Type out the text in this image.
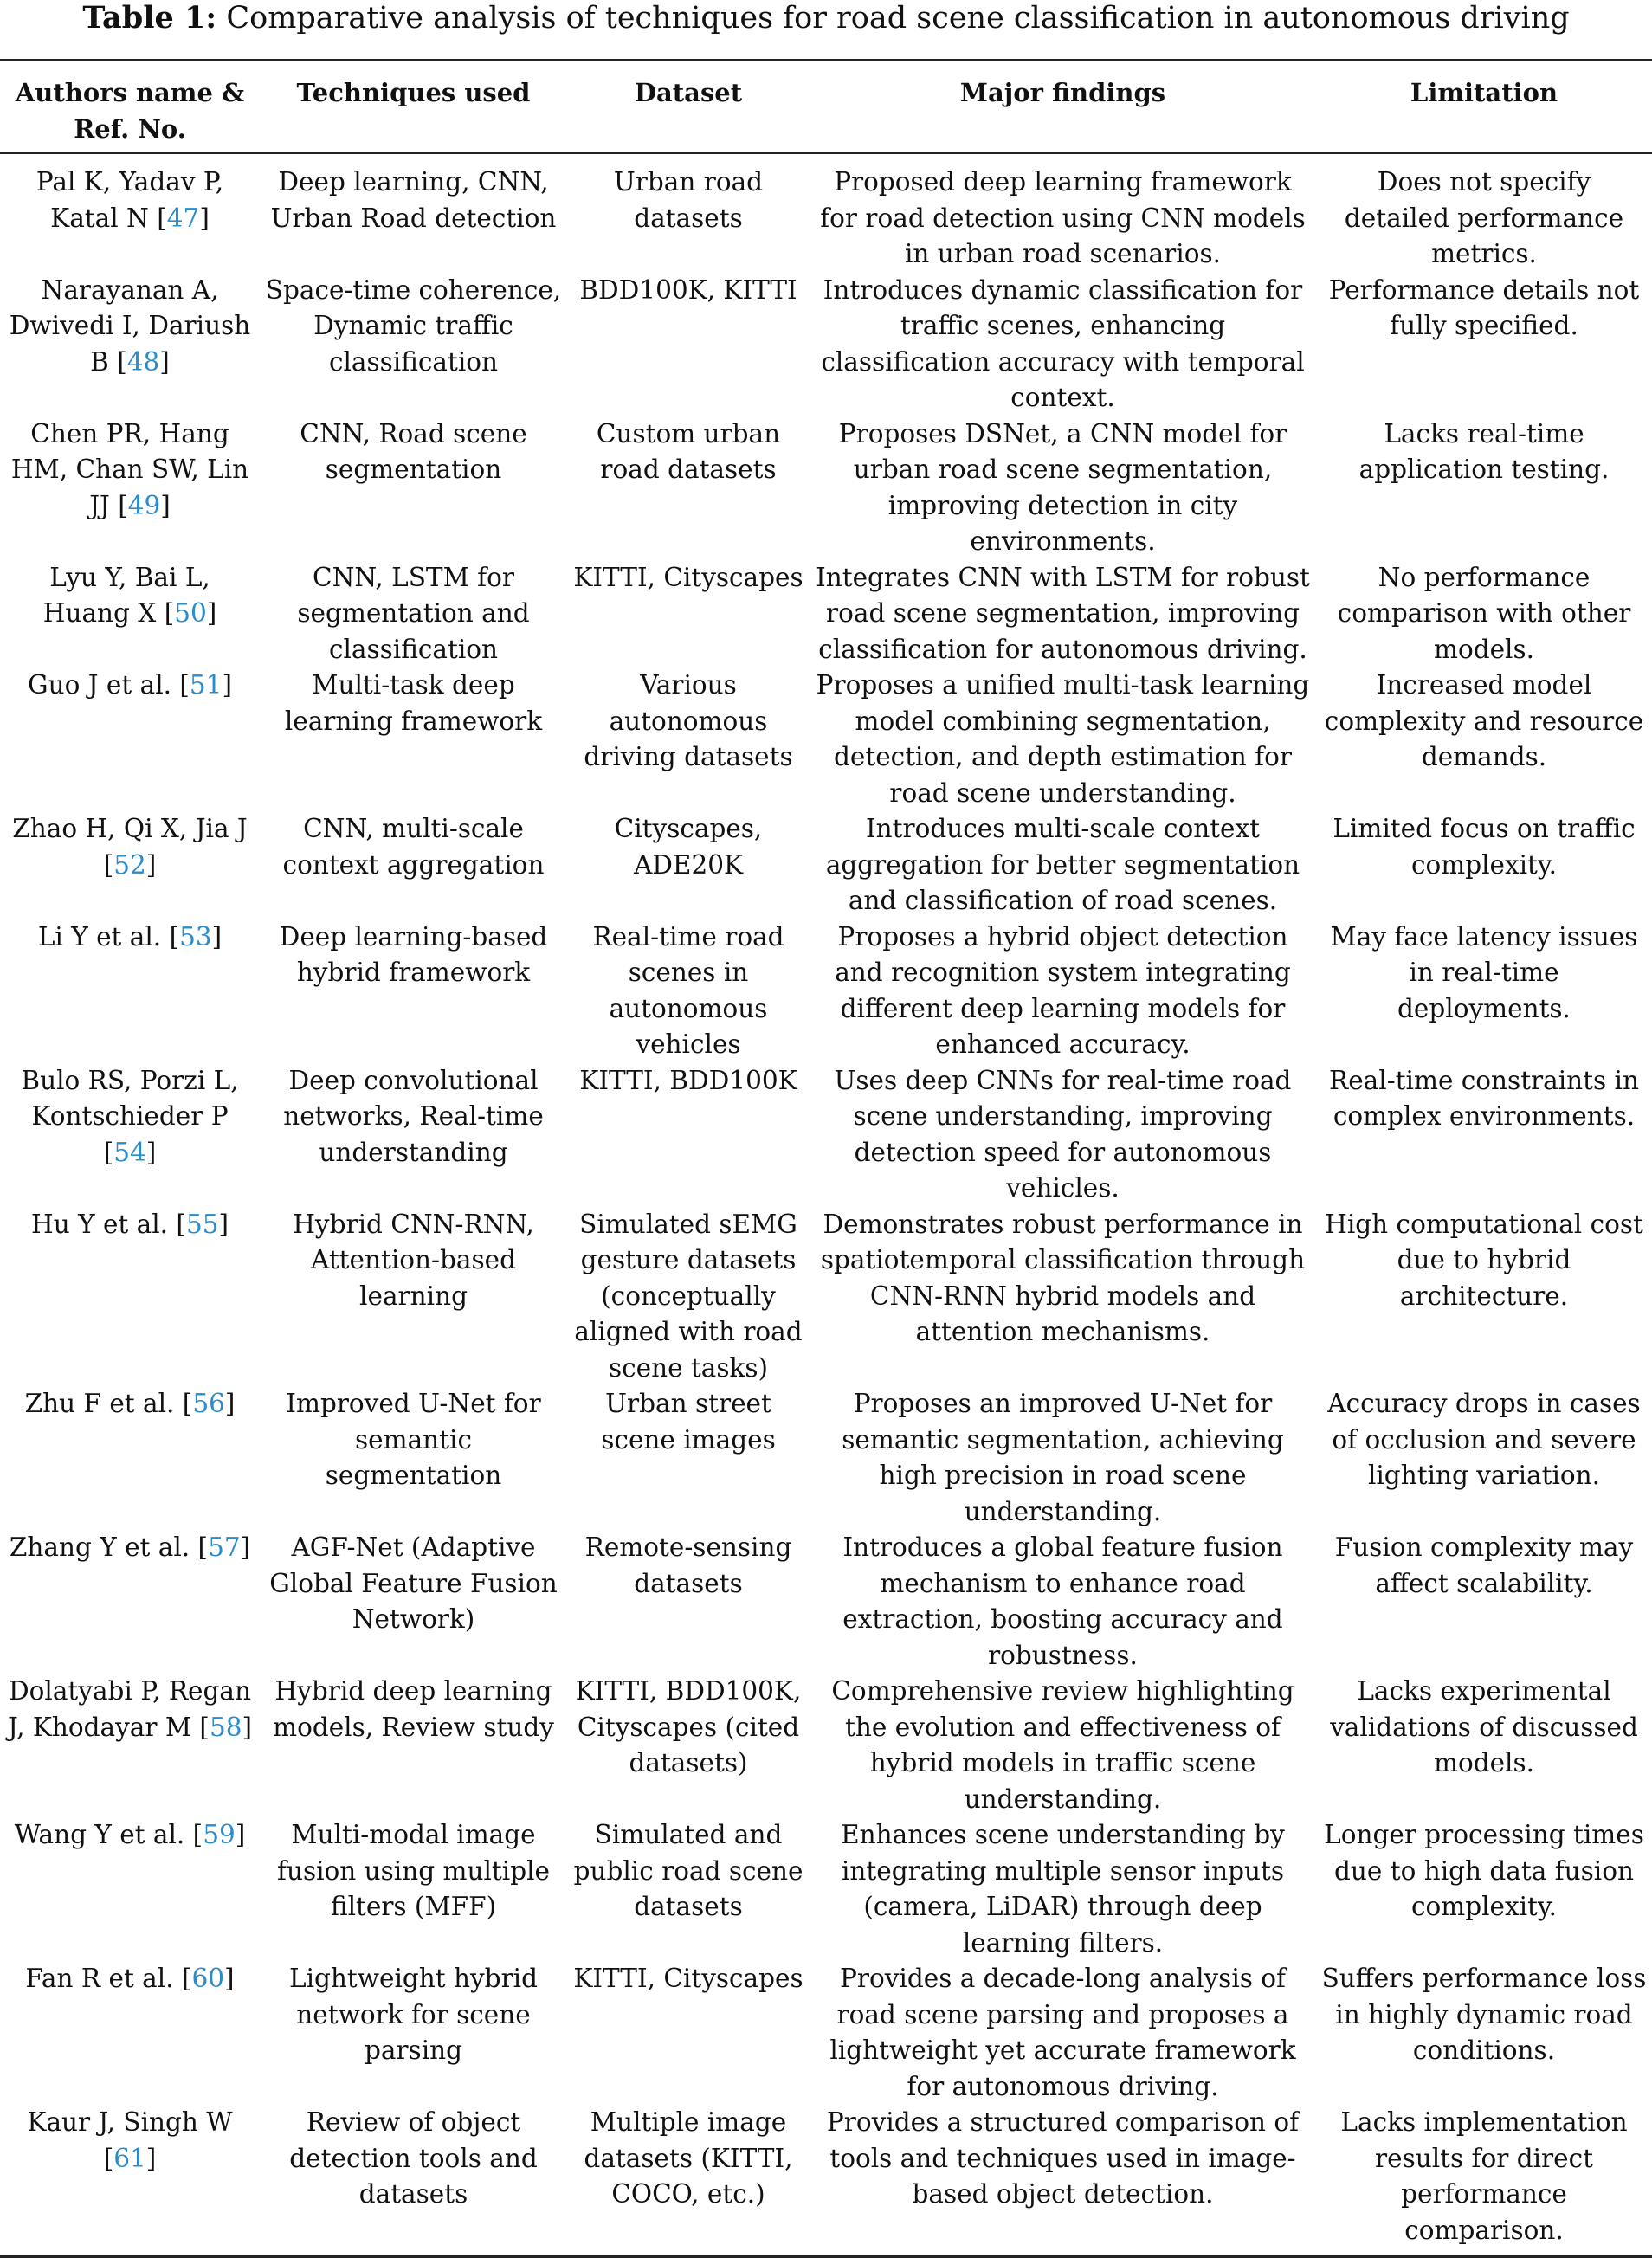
Table 1: Comparative analysis of techniques for road scene classification in autonomous driving
Authors name & Ref. No.	Techniques used	Dataset	Major findings	Limitation
Pal K, Yadav P, Katal N [47]	Deep learning, CNN, Urban Road detection	Urban road datasets	Proposed deep learning framework for road detection using CNN models in urban road scenarios.	Does not specify detailed performance metrics.
Narayanan A, Dwivedi I, Dariush B [48]	Space-time coherence, Dynamic traffic classification	BDD100K, KITTI	Introduces dynamic classification for traffic scenes, enhancing classification accuracy with temporal context.	Performance details not fully specified.
Chen PR, Hang HM, Chan SW, Lin JJ [49]	CNN, Road scene segmentation	Custom urban road datasets	Proposes DSNet, a CNN model for urban road scene segmentation, improving detection in city environments.	Lacks real-time application testing.
Lyu Y, Bai L, Huang X [50]	CNN, LSTM for segmentation and classification	KITTI, Cityscapes	Integrates CNN with LSTM for robust road scene segmentation, improving classification for autonomous driving.	No performance comparison with other models.
Guo J et al. [51]	Multi-task deep learning framework	Various autonomous driving datasets	Proposes a unified multi-task learning model combining segmentation, detection, and depth estimation for road scene understanding.	Increased model complexity and resource demands.
Zhao H, Qi X, Jia J [52]	CNN, multi-scale context aggregation	Cityscapes, ADE20K	Introduces multi-scale context aggregation for better segmentation and classification of road scenes.	Limited focus on traffic complexity.
Li Y et al. [53]	Deep learning-based hybrid framework	Real-time road scenes in autonomous vehicles	Proposes a hybrid object detection and recognition system integrating different deep learning models for enhanced accuracy.	May face latency issues in real-time deployments.
Bulo RS, Porzi L, Kontschieder P [54]	Deep convolutional networks, Real-time understanding	KITTI, BDD100K	Uses deep CNNs for real-time road scene understanding, improving detection speed for autonomous vehicles.	Real-time constraints in complex environments.
Hu Y et al. [55]	Hybrid CNN-RNN, Attention-based learning	Simulated sEMG gesture datasets (conceptually aligned with road scene tasks)	Demonstrates robust performance in spatiotemporal classification through CNN-RNN hybrid models and attention mechanisms.	High computational cost due to hybrid architecture.
Zhu F et al. [56]	Improved U-Net for semantic segmentation	Urban street scene images	Proposes an improved U-Net for semantic segmentation, achieving high precision in road scene understanding.	Accuracy drops in cases of occlusion and severe lighting variation.
Zhang Y et al. [57]	AGF-Net (Adaptive Global Feature Fusion Network)	Remote-sensing datasets	Introduces a global feature fusion mechanism to enhance road extraction, boosting accuracy and robustness.	Fusion complexity may affect scalability.
Dolatyabi P, Regan J, Khodayar M [58]	Hybrid deep learning models, Review study	KITTI, BDD100K, Cityscapes (cited datasets)	Comprehensive review highlighting the evolution and effectiveness of hybrid models in traffic scene understanding.	Lacks experimental validations of discussed models.
Wang Y et al. [59]	Multi-modal image fusion using multiple filters (MFF)	Simulated and public road scene datasets	Enhances scene understanding by integrating multiple sensor inputs (camera, LiDAR) through deep learning filters.	Longer processing times due to high data fusion complexity.
Fan R et al. [60]	Lightweight hybrid network for scene parsing	KITTI, Cityscapes	Provides a decade-long analysis of road scene parsing and proposes a lightweight yet accurate framework for autonomous driving.	Suffers performance loss in highly dynamic road conditions.
Kaur J, Singh W [61]	Review of object detection tools and datasets	Multiple image datasets (KITTI, COCO, etc.)	Provides a structured comparison of tools and techniques used in image-based object detection.	Lacks implementation results for direct performance comparison.
